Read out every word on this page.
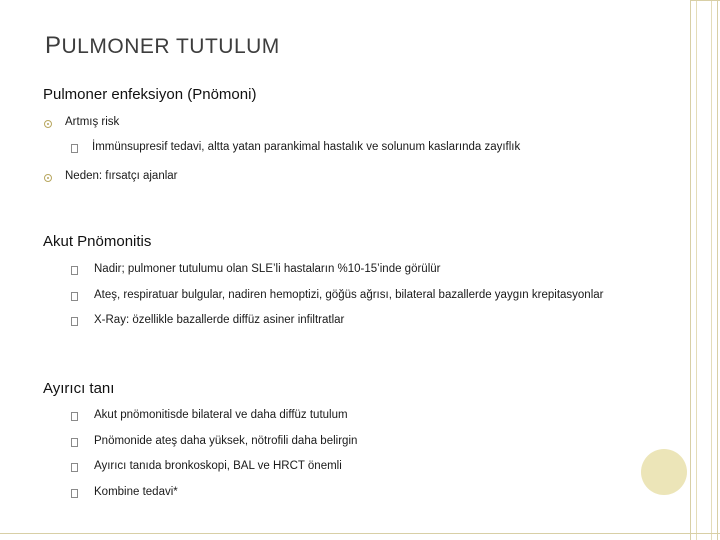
PULMONER TUTULUM
Pulmoner enfeksiyon (Pnömoni)
Artmış risk
İmmünsupresif tedavi, altta yatan parankimal hastalık ve solunum kaslarında zayıflık
Neden: fırsatçı ajanlar
Akut Pnömonitis
Nadir; pulmoner tutulumu olan SLE’li hastaların %10-15’inde görülür
Ateş, respiratuar bulgular, nadiren hemoptizi, göğüs ağrısı, bilateral bazallerde yaygın krepitasyonlar
X-Ray: özellikle bazallerde diffüz asiner infiltratlar
Ayırıcı tanı
Akut pnömonitisde bilateral ve daha diffüz tutulum
Pnömonide ateş daha yüksek, nötrofili daha belirgin
Ayırıcı tanıda bronkoskopi, BAL ve HRCT önemli
Kombine tedavi*
